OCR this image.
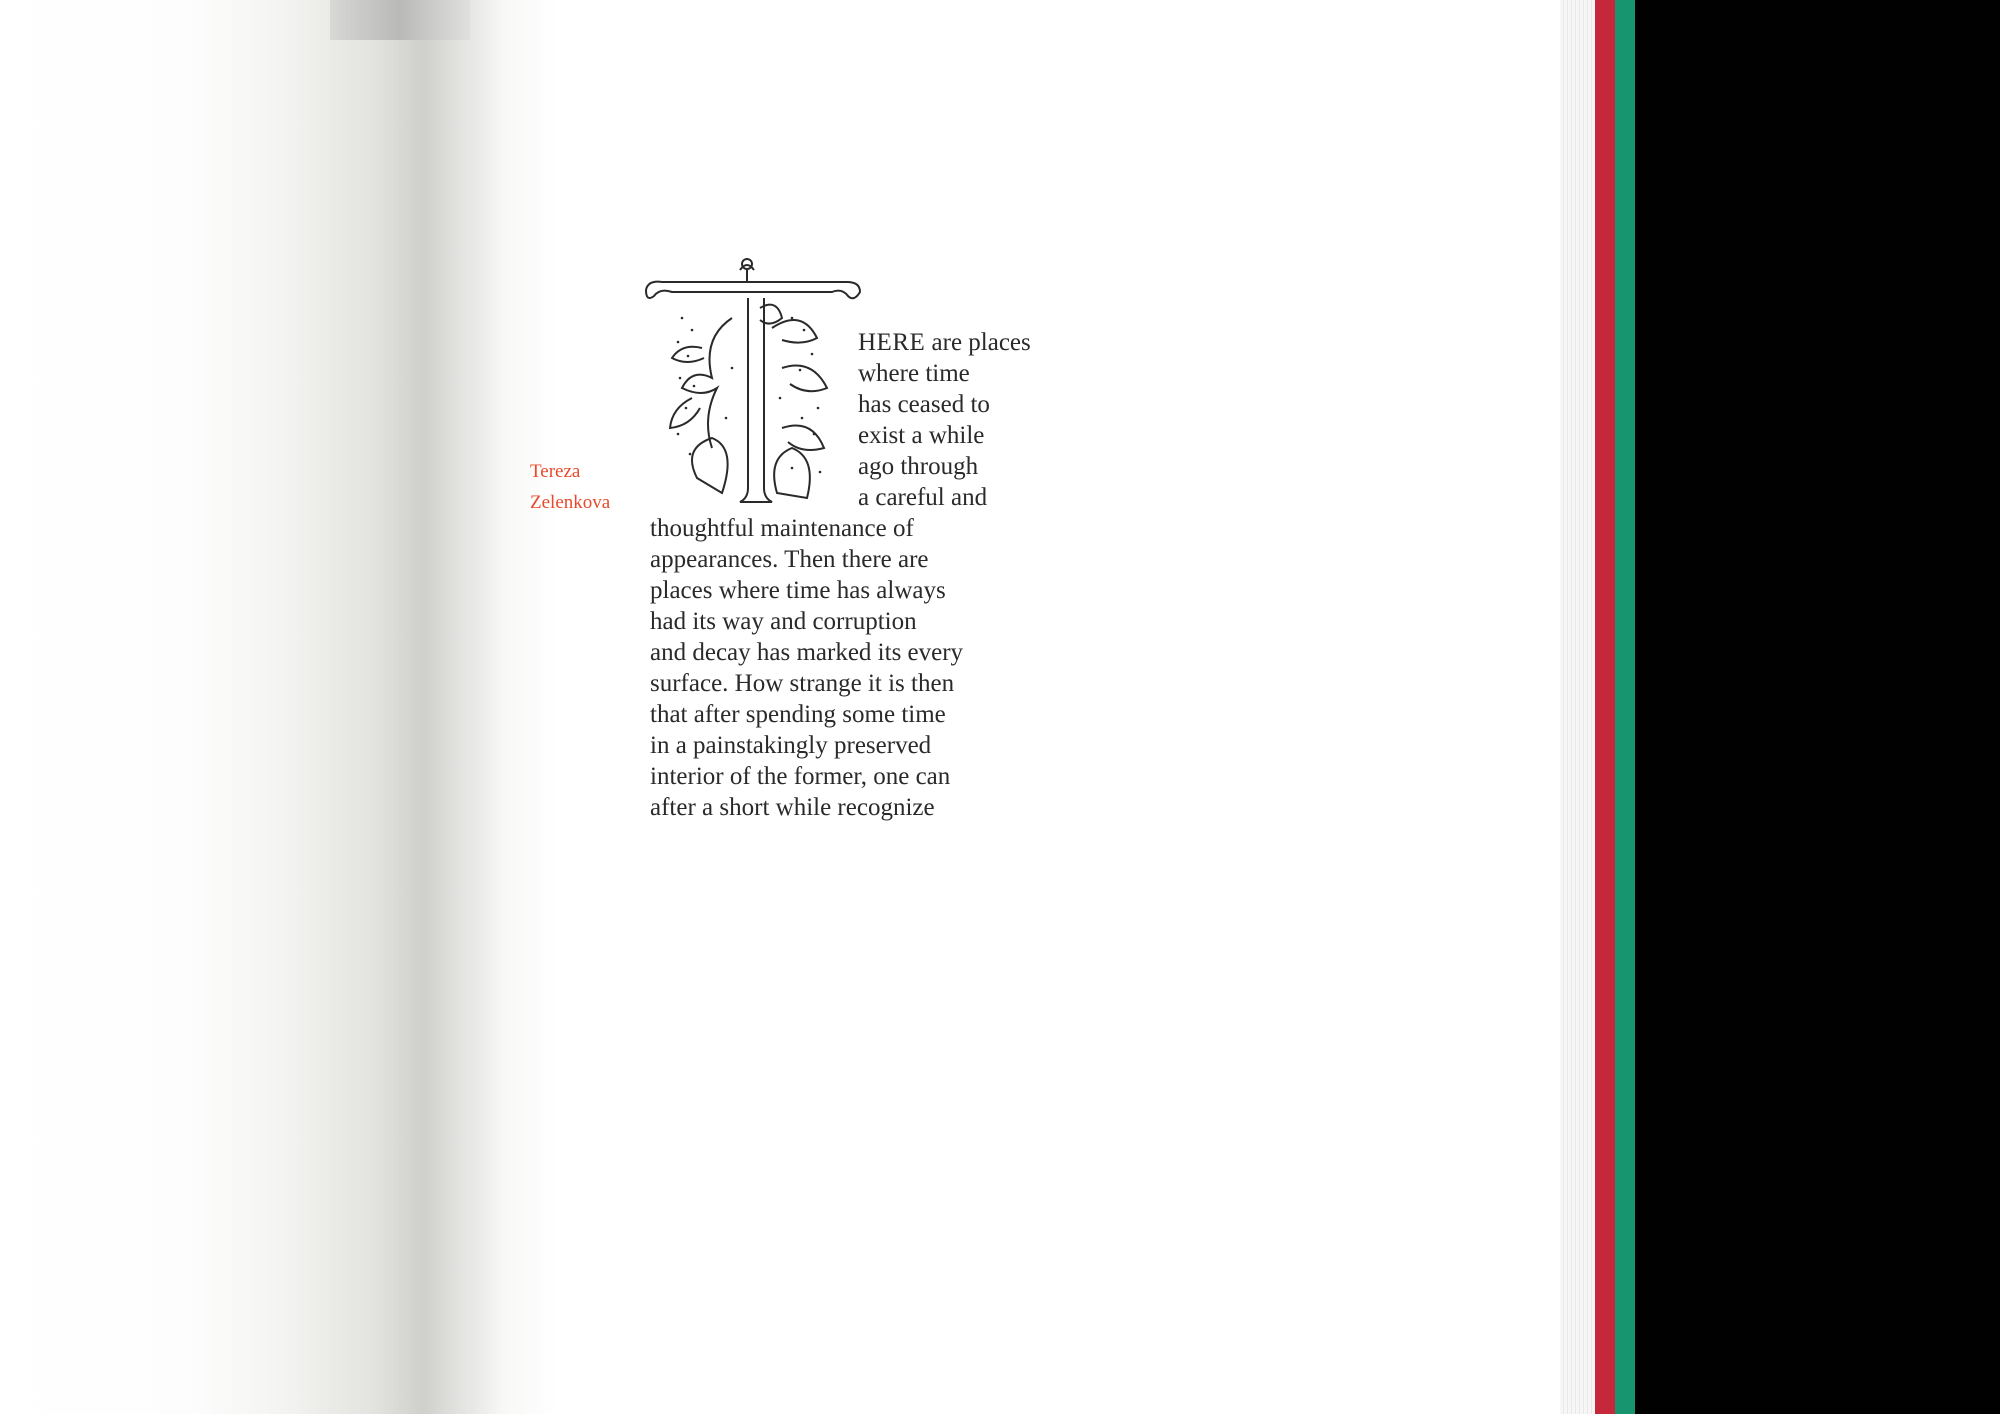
Tereza
Zelenkova
T
HERE are places
where time
has ceased to
exist a while
ago through
a careful and
thoughtful maintenance of
appearances. Then there are
places where time has always
had its way and corruption
and decay has marked its every
surface. How strange it is then
that after spending some time
in a painstakingly preserved
interior of the former, one can
after a short while recognize
